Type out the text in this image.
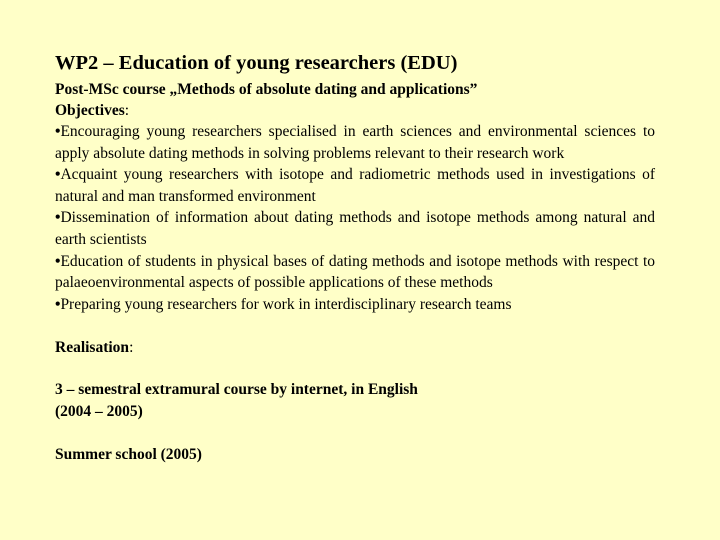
WP2 – Education of young researchers (EDU)
Post-MSc course „Methods of absolute dating and applications”
Objectives:
•Encouraging young researchers specialised in earth sciences and environmental sciences to apply absolute dating methods in solving problems relevant to their research work
•Acquaint young researchers with isotope and radiometric methods used in investigations of natural and man transformed environment
•Dissemination of information about dating methods and isotope methods among natural and earth scientists
•Education of students in physical bases of dating methods and isotope methods with respect to palaeoenvironmental aspects of possible applications of these methods
•Preparing young researchers for work in interdisciplinary research teams
Realisation:
3 – semestral extramural course by internet, in English
(2004 – 2005)
Summer school (2005)
